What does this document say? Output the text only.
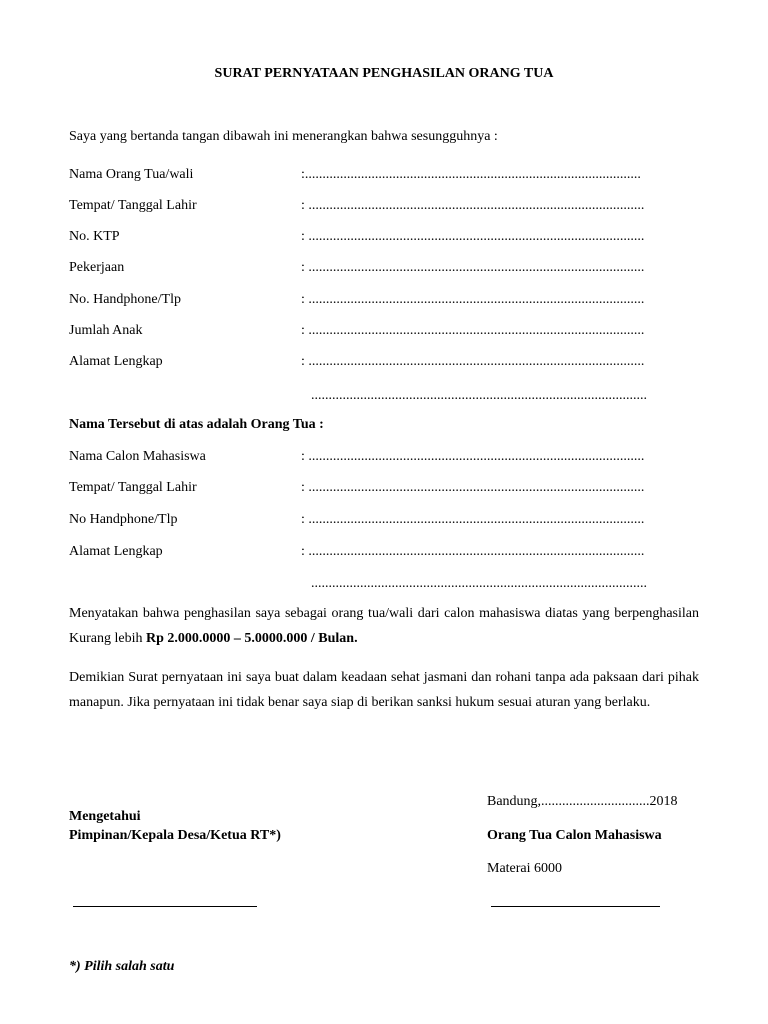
SURAT PERNYATAAN PENGHASILAN ORANG TUA
Saya yang bertanda tangan dibawah ini menerangkan bahwa sesungguhnya :
Nama Orang Tua/wali	:................................................................................................
Tempat/ Tanggal Lahir	: ................................................................................................
No. KTP	: ................................................................................................
Pekerjaan	: ................................................................................................
No. Handphone/Tlp	: ................................................................................................
Jumlah Anak	: ................................................................................................
Alamat Lengkap	: ................................................................................................
................................................................................................
Nama Tersebut di atas adalah Orang Tua :
Nama Calon Mahasiswa	: ................................................................................................
Tempat/ Tanggal Lahir	: ................................................................................................
No Handphone/Tlp	: ................................................................................................
Alamat Lengkap	: ................................................................................................
................................................................................................
Menyatakan bahwa penghasilan saya sebagai orang tua/wali dari calon mahasiswa diatas yang berpenghasilan Kurang lebih Rp 2.000.0000 – 5.0000.000 / Bulan.
Demikian Surat pernyataan ini saya buat dalam keadaan sehat jasmani dan rohani tanpa ada paksaan dari pihak manapun. Jika pernyataan ini tidak benar saya siap di berikan sanksi hukum sesuai aturan yang berlaku.
Bandung,...............................2018
Mengetahui
Pimpinan/Kepala Desa/Ketua RT*)	Orang Tua Calon Mahasiswa
Materai 6000
*) Pilih salah satu
